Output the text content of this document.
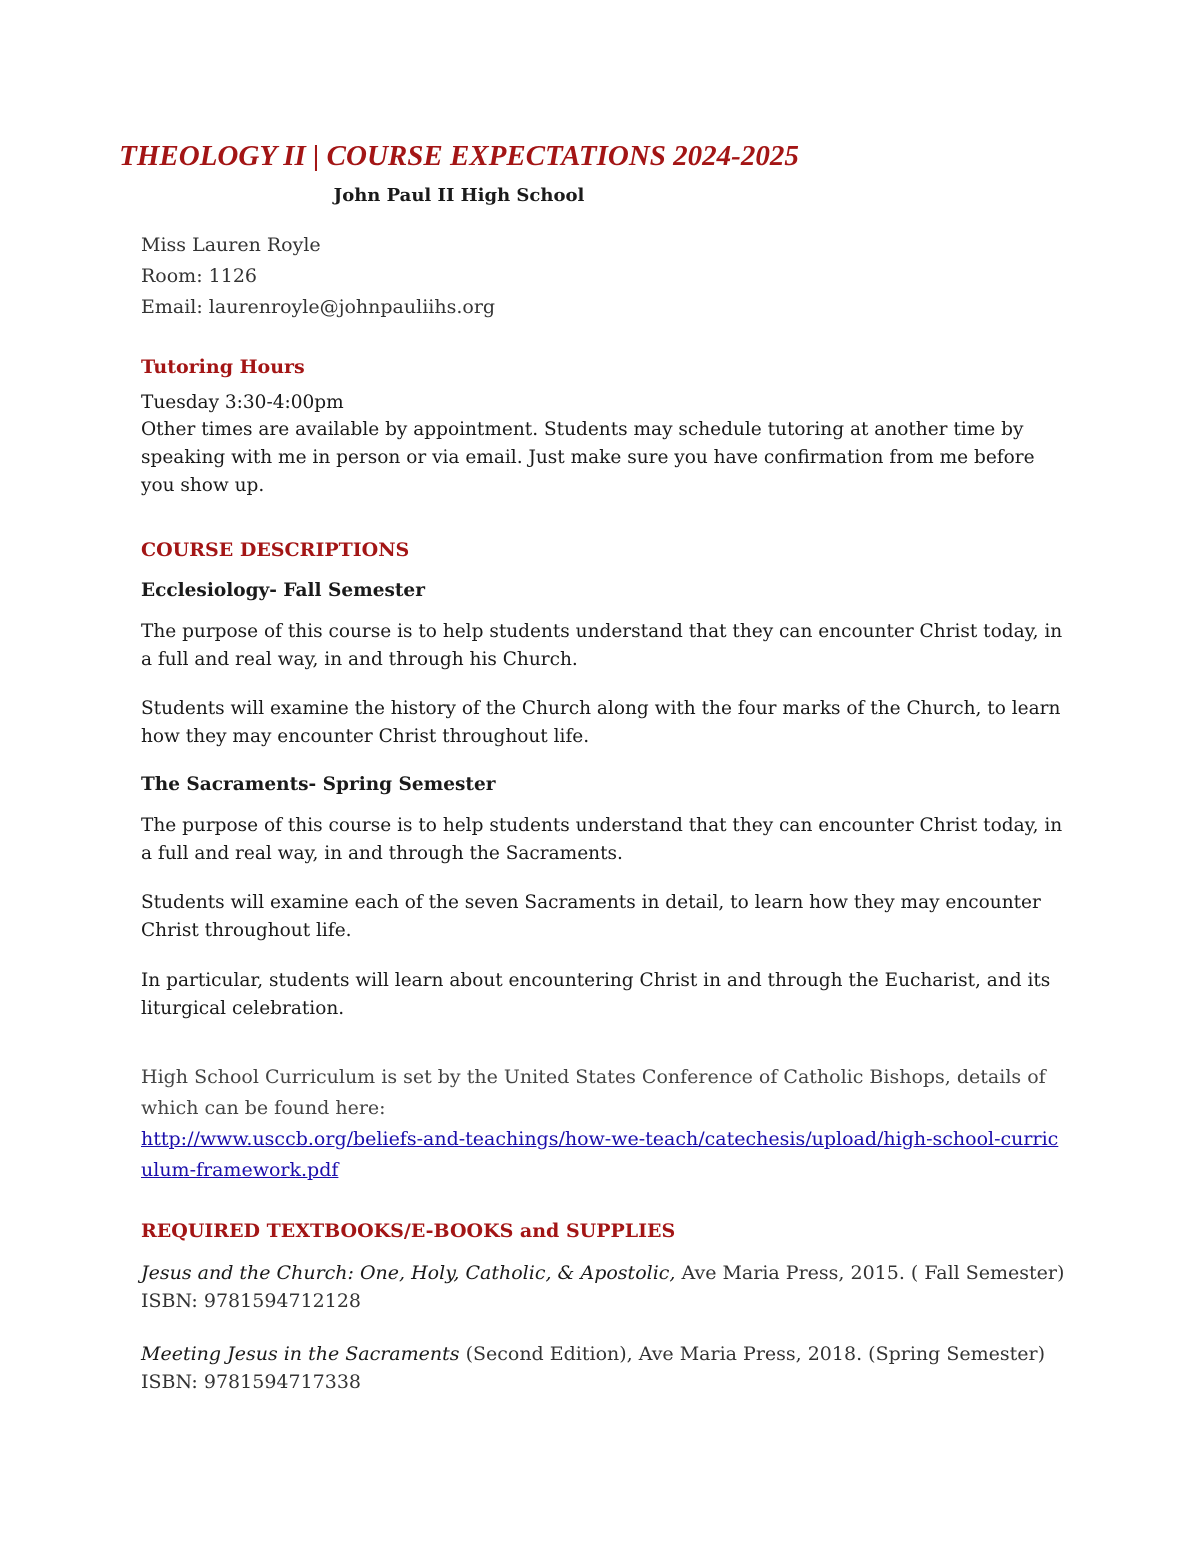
THEOLOGY II | COURSE EXPECTATIONS 2024-2025
John Paul II High School
Miss Lauren Royle
Room: 1126
Email: laurenroyle@johnpauliihs.org
Tutoring Hours
Tuesday 3:30-4:00pm
Other times are available by appointment. Students may schedule tutoring at another time by speaking with me in person or via email. Just make sure you have confirmation from me before you show up.
COURSE DESCRIPTIONS
Ecclesiology- Fall Semester
The purpose of this course is to help students understand that they can encounter Christ today, in a full and real way, in and through his Church.
Students will examine the history of the Church along with the four marks of the Church, to learn how they may encounter Christ throughout life.
The Sacraments- Spring Semester
The purpose of this course is to help students understand that they can encounter Christ today, in a full and real way, in and through the Sacraments.
Students will examine each of the seven Sacraments in detail, to learn how they may encounter Christ throughout life.
In particular, students will learn about encountering Christ in and through the Eucharist, and its liturgical celebration.
High School Curriculum is set by the United States Conference of Catholic Bishops, details of which can be found here:
http://www.usccb.org/beliefs-and-teachings/how-we-teach/catechesis/upload/high-school-curriculum-framework.pdf
REQUIRED TEXTBOOKS/E-BOOKS and SUPPLIES
Jesus and the Church: One, Holy, Catholic, & Apostolic, Ave Maria Press, 2015. ( Fall Semester)
ISBN: 9781594712128
Meeting Jesus in the Sacraments (Second Edition), Ave Maria Press, 2018. (Spring Semester)
ISBN: 9781594717338
